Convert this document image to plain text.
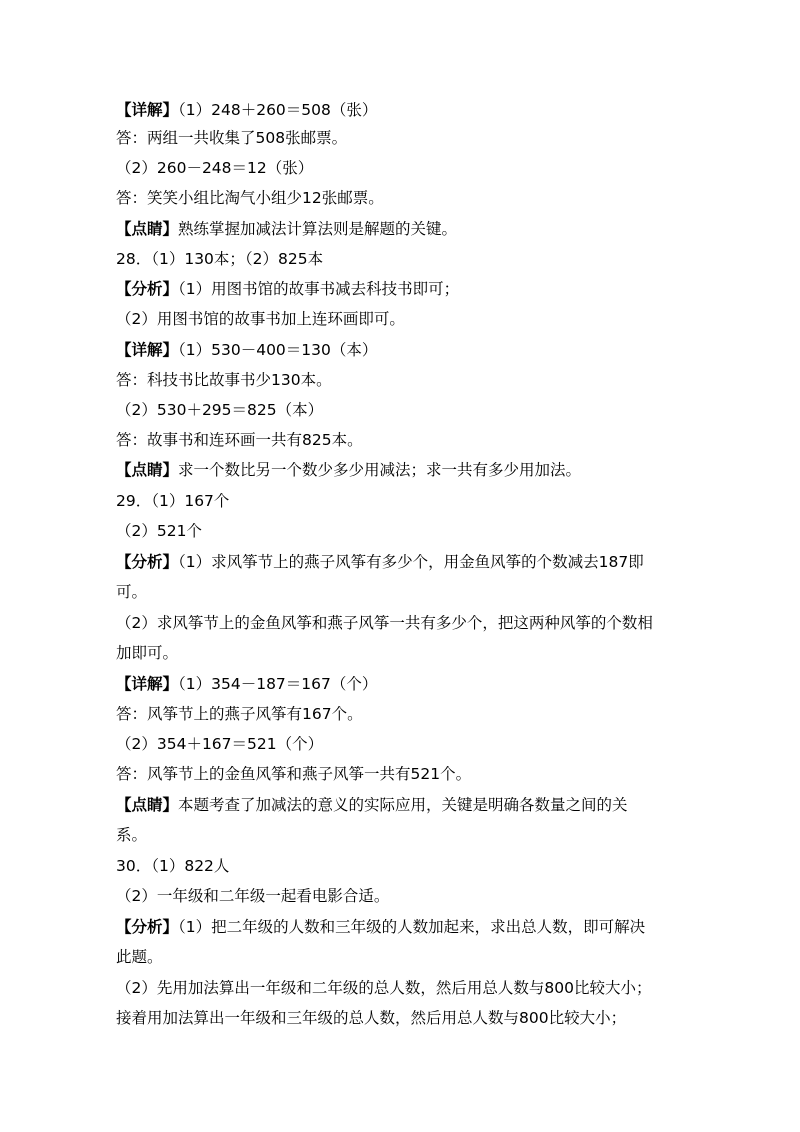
【详解】（1）248＋260＝508（张）
答：两组一共收集了508张邮票。
（2）260－248＝12（张）
答：笑笑小组比淘气小组少12张邮票。
【点睛】熟练掌握加减法计算法则是解题的关键。
28．（1）130本；（2）825本
【分析】（1）用图书馆的故事书减去科技书即可；
（2）用图书馆的故事书加上连环画即可。
【详解】（1）530－400＝130（本）
答：科技书比故事书少130本。
（2）530＋295＝825（本）
答：故事书和连环画一共有825本。
【点睛】求一个数比另一个数少多少用减法；求一共有多少用加法。
29．（1）167个
（2）521个
【分析】（1）求风筝节上的燕子风筝有多少个，用金鱼风筝的个数减去187即
可。
（2）求风筝节上的金鱼风筝和燕子风筝一共有多少个，把这两种风筝的个数相
加即可。
【详解】（1）354－187＝167（个）
答：风筝节上的燕子风筝有167个。
（2）354＋167＝521（个）
答：风筝节上的金鱼风筝和燕子风筝一共有521个。
【点睛】本题考查了加减法的意义的实际应用，关键是明确各数量之间的关
系。
30．（1）822人
（2）一年级和二年级一起看电影合适。
【分析】（1）把二年级的人数和三年级的人数加起来，求出总人数，即可解决
此题。
（2）先用加法算出一年级和二年级的总人数，然后用总人数与800比较大小；
接着用加法算出一年级和三年级的总人数，然后用总人数与800比较大小；
